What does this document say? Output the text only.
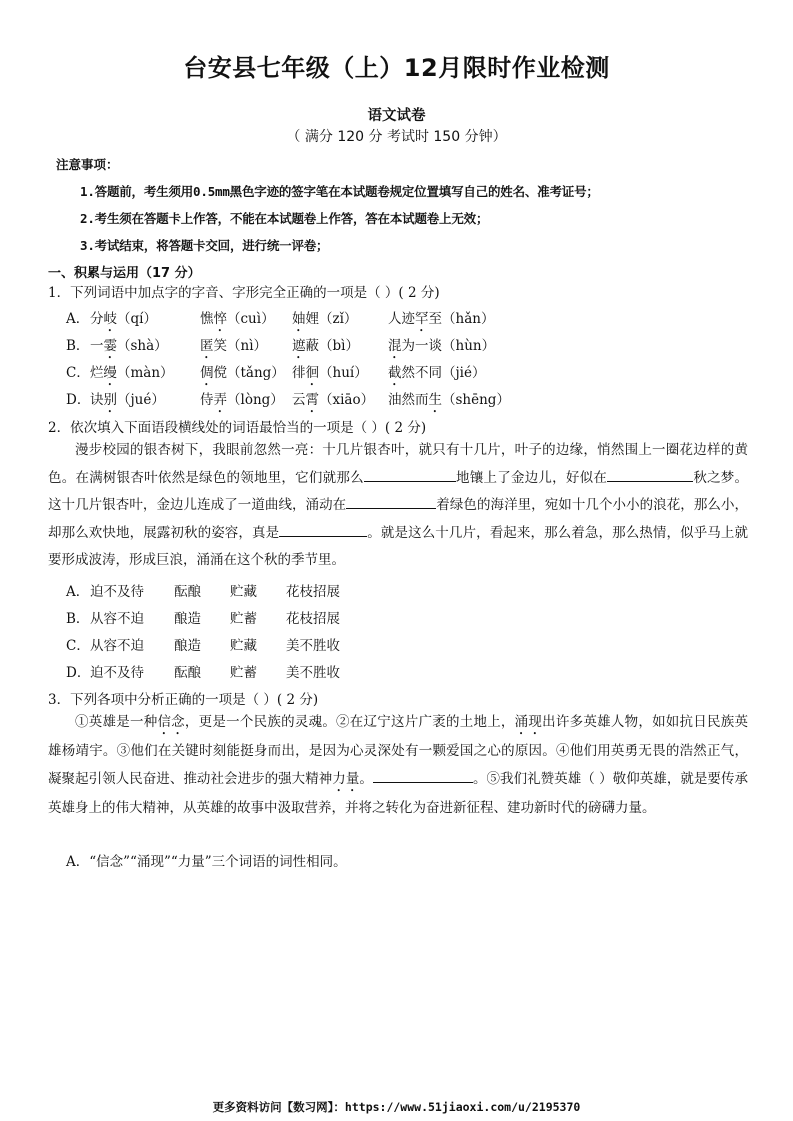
台安县七年级（上）12月限时作业检测
语文试卷
（ 满分 120 分 考试时 150 分钟）
注意事项：
1.答题前，考生须用0.5mm黑色字迹的签字笔在本试题卷规定位置填写自己的姓名、准考证号；
2.考生须在答题卡上作答，不能在本试题卷上作答，答在本试题卷上无效；
3.考试结束，将答题卡交回，进行统一评卷；
一、积累与运用（17 分）
1．下列词语中加点字的字音、字形完全正确的一项是（ ）( 2 分)
A． 分岐（qí）	憔悴（cuì） 妯娌（zǐ） 人迹罕至（hǎn）
B． 一霎（shà） 匿笑（nì） 遮蔽（bì） 混为一谈（hùn）
C． 烂缦（màn） 倜傥（tǎng） 徘徊（huí） 截然不同（jié）
D． 诀别（jué）	侍弄（lòng） 云霄（xiāo） 油然而生（shēng）
2．依次填入下面语段横线处的词语最恰当的一项是（ ）( 2 分)
漫步校园的银杏树下，我眼前忽然一亮：十几片银杏叶，就只有十几片，叶子的边缘，悄然围上一圈花边样的黄色。在满树银杏叶依然是绿色的领地里，它们就那么	地镶上了金边儿，好似在	秋之梦。这十几片银杏叶，金边儿连成了一道曲线，涌动在	着绿色的海洋里，宛如十几个小小的浪花，那么小，却那么欢快地，展露初秋的姿容，真是	。就是这么十几片，看起来，那么着急，那么热情，似乎马上就要形成波涛，形成巨浪，涌涌在这个秋的季节里。
A． 迫不及待 酝酿 贮藏 花枝招展
B． 从容不迫 酿造 贮蓄 花枝招展
C． 从容不迫 酿造 贮藏 美不胜收
D． 迫不及待 酝酿 贮蓄 美不胜收
3．下列各项中分析正确的一项是（ ）( 2 分)
①英雄是一种信念，更是一个民族的灵魂。②在辽宁这片广袤的土地上，涌现出许多英雄人物，如如抗日民族英雄杨靖宇。③他们在关键时刻能挺身而出，是因为心灵深处有一颗爱国之心的原因。④他们用英勇无畏的浩然正气，凝聚起引领人民奋进、推动社会进步的强大精神力量。	。⑤我们礼赞英雄（ ）敬仰英雄，就是要传承英雄身上的伟大精神，从英雄的故事中汲取营养，并将之转化为奋进新征程、建功新时代的磅礴力量。
A．“信念”“涌现”“力量”三个词语的词性相同。
更多资料访问【数习网】：https://www.51jiaoxi.com/u/2195370
